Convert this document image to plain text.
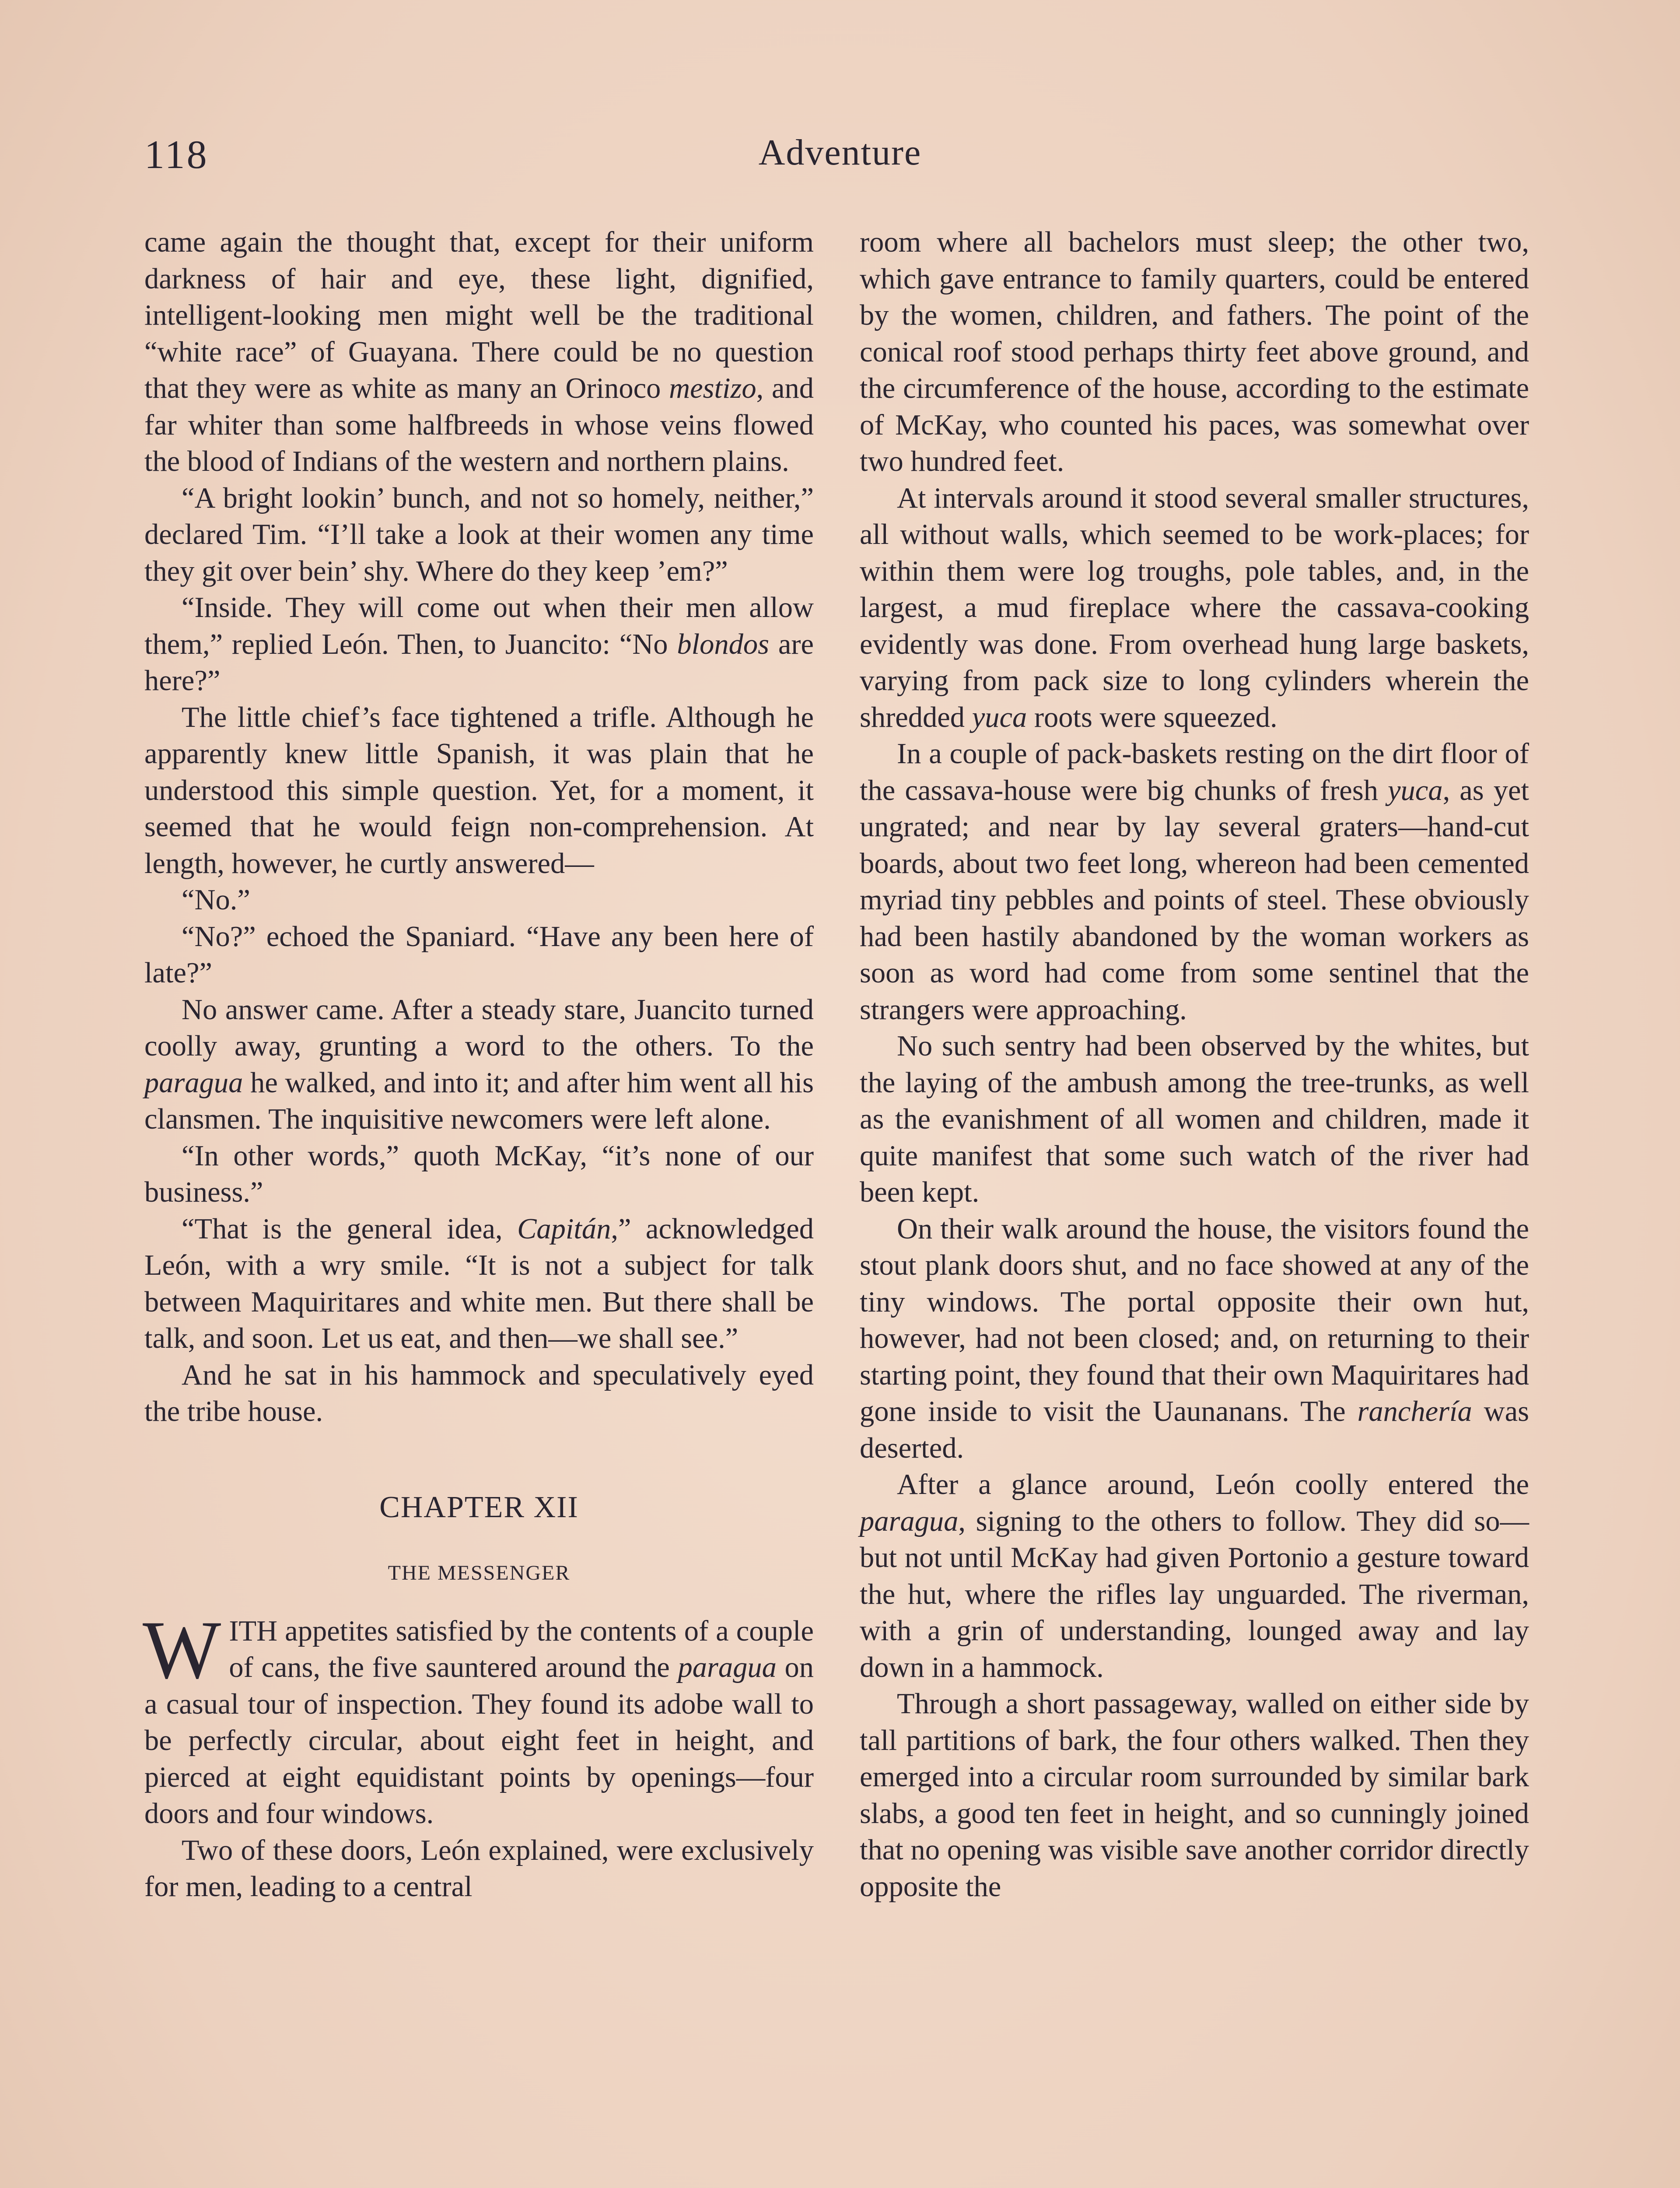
118	Adventure

came again the thought that, except for their uniform darkness of hair and eye, these light, dignified, intelligent-looking men might well be the traditional “white race” of Guayana. There could be no question that they were as white as many an Orinoco mestizo, and far whiter than some halfbreeds in whose veins flowed the blood of Indians of the western and northern plains.

“A bright lookin’ bunch, and not so homely, neither,” declared Tim. “I’ll take a look at their women any time they git over bein’ shy. Where do they keep ’em?”

“Inside. They will come out when their men allow them,” replied León. Then, to Juancito: “No blondos are here?”

The little chief’s face tightened a trifle. Although he apparently knew little Spanish, it was plain that he understood this simple question. Yet, for a moment, it seemed that he would feign non-comprehension. At length, however, he curtly answered—

“No.”

“No?” echoed the Spaniard. “Have any been here of late?”

No answer came. After a steady stare, Juancito turned coolly away, grunting a word to the others. To the paragua he walked, and into it; and after him went all his clansmen. The inquisitive newcomers were left alone.

“In other words,” quoth McKay, “it’s none of our business.”

“That is the general idea, Capitán,” acknowledged León, with a wry smile. “It is not a subject for talk between Maquiritares and white men. But there shall be talk, and soon. Let us eat, and then—we shall see.”

And he sat in his hammock and speculatively eyed the tribe house.

CHAPTER XII
THE MESSENGER

WITH appetites satisfied by the contents of a couple of cans, the five sauntered around the paragua on a casual tour of inspection. They found its adobe wall to be perfectly circular, about eight feet in height, and pierced at eight equidistant points by openings—four doors and four windows.

Two of these doors, León explained, were exclusively for men, leading to a central

room where all bachelors must sleep; the other two, which gave entrance to family quarters, could be entered by the women, children, and fathers. The point of the conical roof stood perhaps thirty feet above ground, and the circumference of the house, according to the estimate of McKay, who counted his paces, was somewhat over two hundred feet.

At intervals around it stood several smaller structures, all without walls, which seemed to be work-places; for within them were log troughs, pole tables, and, in the largest, a mud fireplace where the cassava-cooking evidently was done. From overhead hung large baskets, varying from pack size to long cylinders wherein the shredded yuca roots were squeezed.

In a couple of pack-baskets resting on the dirt floor of the cassava-house were big chunks of fresh yuca, as yet ungrated; and near by lay several graters—hand-cut boards, about two feet long, whereon had been cemented myriad tiny pebbles and points of steel. These obviously had been hastily abandoned by the woman workers as soon as word had come from some sentinel that the strangers were approaching.

No such sentry had been observed by the whites, but the laying of the ambush among the tree-trunks, as well as the evanishment of all women and children, made it quite manifest that some such watch of the river had been kept.

On their walk around the house, the visitors found the stout plank doors shut, and no face showed at any of the tiny windows. The portal opposite their own hut, however, had not been closed; and, on returning to their starting point, they found that their own Maquiritares had gone inside to visit the Uaunanans. The ranchería was deserted.

After a glance around, León coolly entered the paragua, signing to the others to follow. They did so—but not until McKay had given Portonio a gesture toward the hut, where the rifles lay unguarded. The riverman, with a grin of understanding, lounged away and lay down in a hammock.

Through a short passageway, walled on either side by tall partitions of bark, the four others walked. Then they emerged into a circular room surrounded by similar bark slabs, a good ten feet in height, and so cunningly joined that no opening was visible save another corridor directly opposite the
